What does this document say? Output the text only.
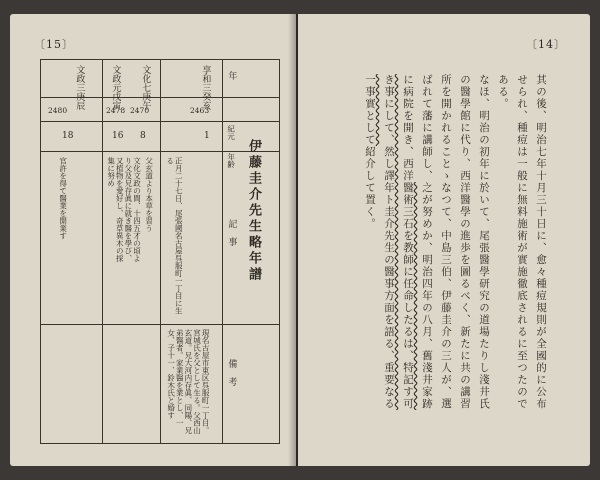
〔15〕
伊藤圭介先生略年譜
年
紀元
年齢
記　事
備　考
享和三癸亥
2463
1
正月二十七日、尾張國名古屋呉服町一丁目に生る
現名古屋市東区呉服町一丁目。宮城氏を父として生る。父西山玄道。兄大河内存眞、同陽、兄弟醫者。家業醫を業とし、一女、子十一、鈴木氏と婚す
文化七庚午
2470
8
父玄道より本草を習う
文政元戊寅
2478
16
文化文政の間、十四五才の頃より父及兄存眞に就き醫を學び、又植物を愛好し、奇草異木の採集に努め
文政三庚辰
2480
18
官許を得て醫業を開業す
〔14〕
其の後、明治七年十月三十日に、愈々種痘規則が全國的に公布せられ、種痘は一般に無料施術が實施徹底されるに至つたのである。
なほ、明治の初年に於いて、尾張醫學研究の道場たりし淺井氏の醫學館に代り、西洋醫學の進歩を圖るべく、新たに共の講習所を開かれることゝなつて、中島三伯、伊藤圭介の三人が、選ばれて藩に講師し、之が努めか、明治四年の八月、舊淺井家跡に病院を開き、西洋醫術三石を教師に任命したるは、特記す可き事にして、然し譯年ト圭介先生の醫事方面を語る、重要なる一事實として紹介して置く。
